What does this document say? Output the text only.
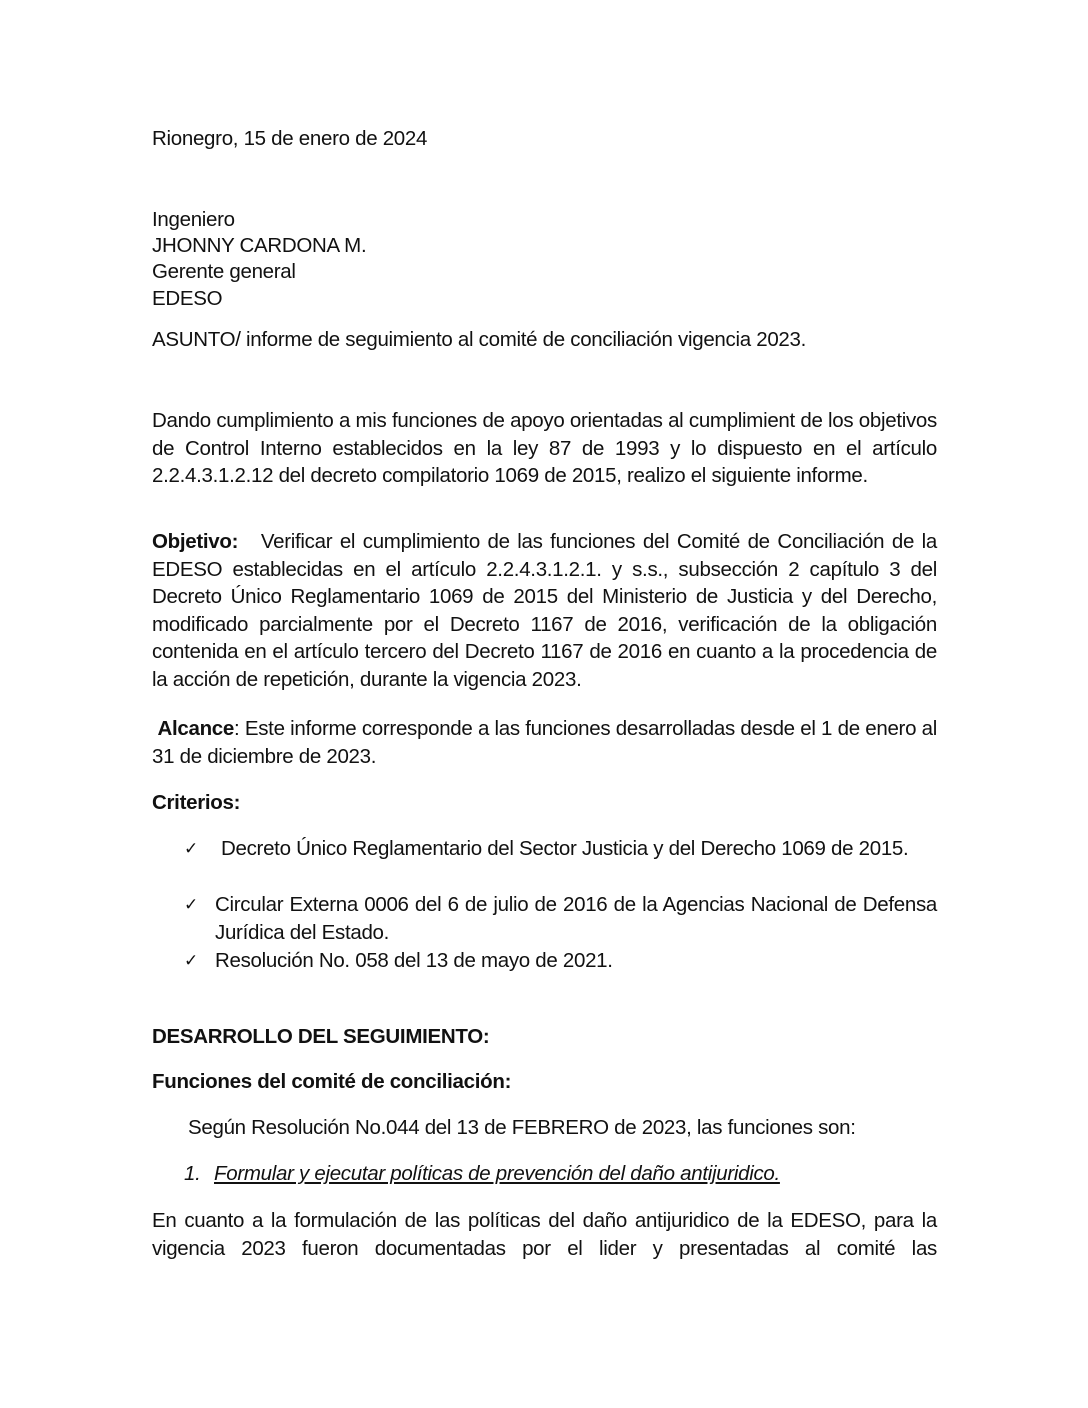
Rionegro, 15 de enero de 2024
Ingeniero
JHONNY CARDONA M.
Gerente general
EDESO
ASUNTO/ informe de seguimiento al comité de conciliación vigencia 2023.
Dando cumplimiento a mis funciones de apoyo orientadas al cumplimient de los objetivos de Control Interno establecidos en la ley 87 de 1993 y lo dispuesto en el artículo 2.2.4.3.1.2.12 del decreto compilatorio 1069 de 2015, realizo el siguiente informe.
Objetivo: Verificar el cumplimiento de las funciones del Comité de Conciliación de la EDESO establecidas en el artículo 2.2.4.3.1.2.1. y s.s., subsección 2 capítulo 3 del Decreto Único Reglamentario 1069 de 2015 del Ministerio de Justicia y del Derecho, modificado parcialmente por el Decreto 1167 de 2016, verificación de la obligación contenida en el artículo tercero del Decreto 1167 de 2016 en cuanto a la procedencia de la acción de repetición, durante la vigencia 2023.
Alcance: Este informe corresponde a las funciones desarrolladas desde el 1 de enero al 31 de diciembre de 2023.
Criterios:
✓ Decreto Único Reglamentario del Sector Justicia y del Derecho 1069 de 2015.
✓ Circular Externa 0006 del 6 de julio de 2016 de la Agencias Nacional de Defensa Jurídica del Estado.
✓ Resolución No. 058 del 13 de mayo de 2021.
DESARROLLO DEL SEGUIMIENTO:
Funciones del comité de conciliación:
Según Resolución No.044 del 13 de FEBRERO de 2023, las funciones son:
1. Formular y ejecutar políticas de prevención del daño antijuridico.
En cuanto a la formulación de las políticas del daño antijuridico de la EDESO, para la vigencia 2023 fueron documentadas por el lider y presentadas al comité las
